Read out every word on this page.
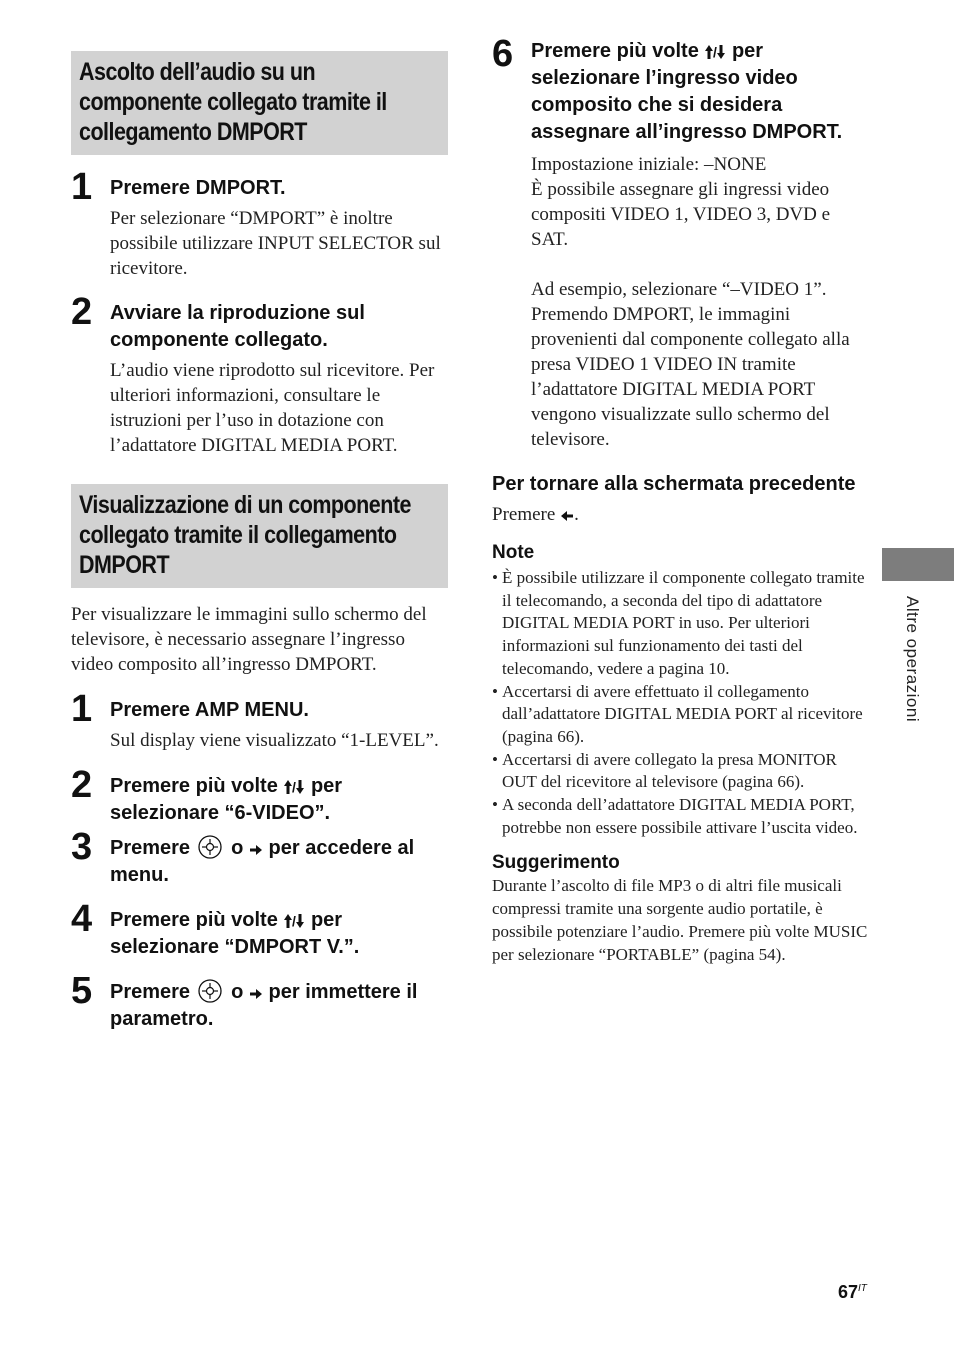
Ascolto dell’audio su un componente collegato tramite il collegamento DMPORT
1 Premere DMPORT.

Per selezionare “DMPORT” è inoltre possibile utilizzare INPUT SELECTOR sul ricevitore.

2 Avviare la riproduzione sul componente collegato.

L’audio viene riprodotto sul ricevitore. Per ulteriori informazioni, consultare le istruzioni per l’uso in dotazione con l’adattatore DIGITAL MEDIA PORT.

Visualizzazione di un componente collegato tramite il collegamento DMPORT

Per visualizzare le immagini sullo schermo del televisore, è necessario assegnare l’ingresso video composito all’ingresso DMPORT.

1 Premere AMP MENU.

Sul display viene visualizzato “1-LEVEL”.

2 Premere più volte / per selezionare “6-VIDEO”.

3 Premere  o  per accedere al menu.

4 Premere più volte / per selezionare “DMPORT V.”.

5 Premere  o  per immettere il parametro.

6 Premere più volte / per selezionare l’ingresso video composito che si desidera assegnare all’ingresso DMPORT.

Impostazione iniziale: –NONE

È possibile assegnare gli ingressi video compositi VIDEO 1, VIDEO 3, DVD e SAT.

Ad esempio, selezionare “–VIDEO 1”. Premendo DMPORT, le immagini provenienti dal componente collegato alla presa VIDEO 1 VIDEO IN tramite l’adattatore DIGITAL MEDIA PORT vengono visualizzate sullo schermo del televisore.

Per tornare alla schermata precedente

Premere .

Note

• È possibile utilizzare il componente collegato tramite il telecomando, a seconda del tipo di adattatore DIGITAL MEDIA PORT in uso. Per ulteriori informazioni sul funzionamento dei tasti del telecomando, vedere a pagina 10.
• Accertarsi di avere effettuato il collegamento dall’adattatore DIGITAL MEDIA PORT al ricevitore (pagina 66).
• Accertarsi di avere collegato la presa MONITOR OUT del ricevitore al televisore (pagina 66).
• A seconda dell’adattatore DIGITAL MEDIA PORT, potrebbe non essere possibile attivare l’uscita video.

Suggerimento

Durante l’ascolto di file MP3 o di altri file musicali compressi tramite una sorgente audio portatile, è possibile potenziare l’audio. Premere più volte MUSIC per selezionare “PORTABLE” (pagina 54).

Altre operazioni
$67^{IT}$
